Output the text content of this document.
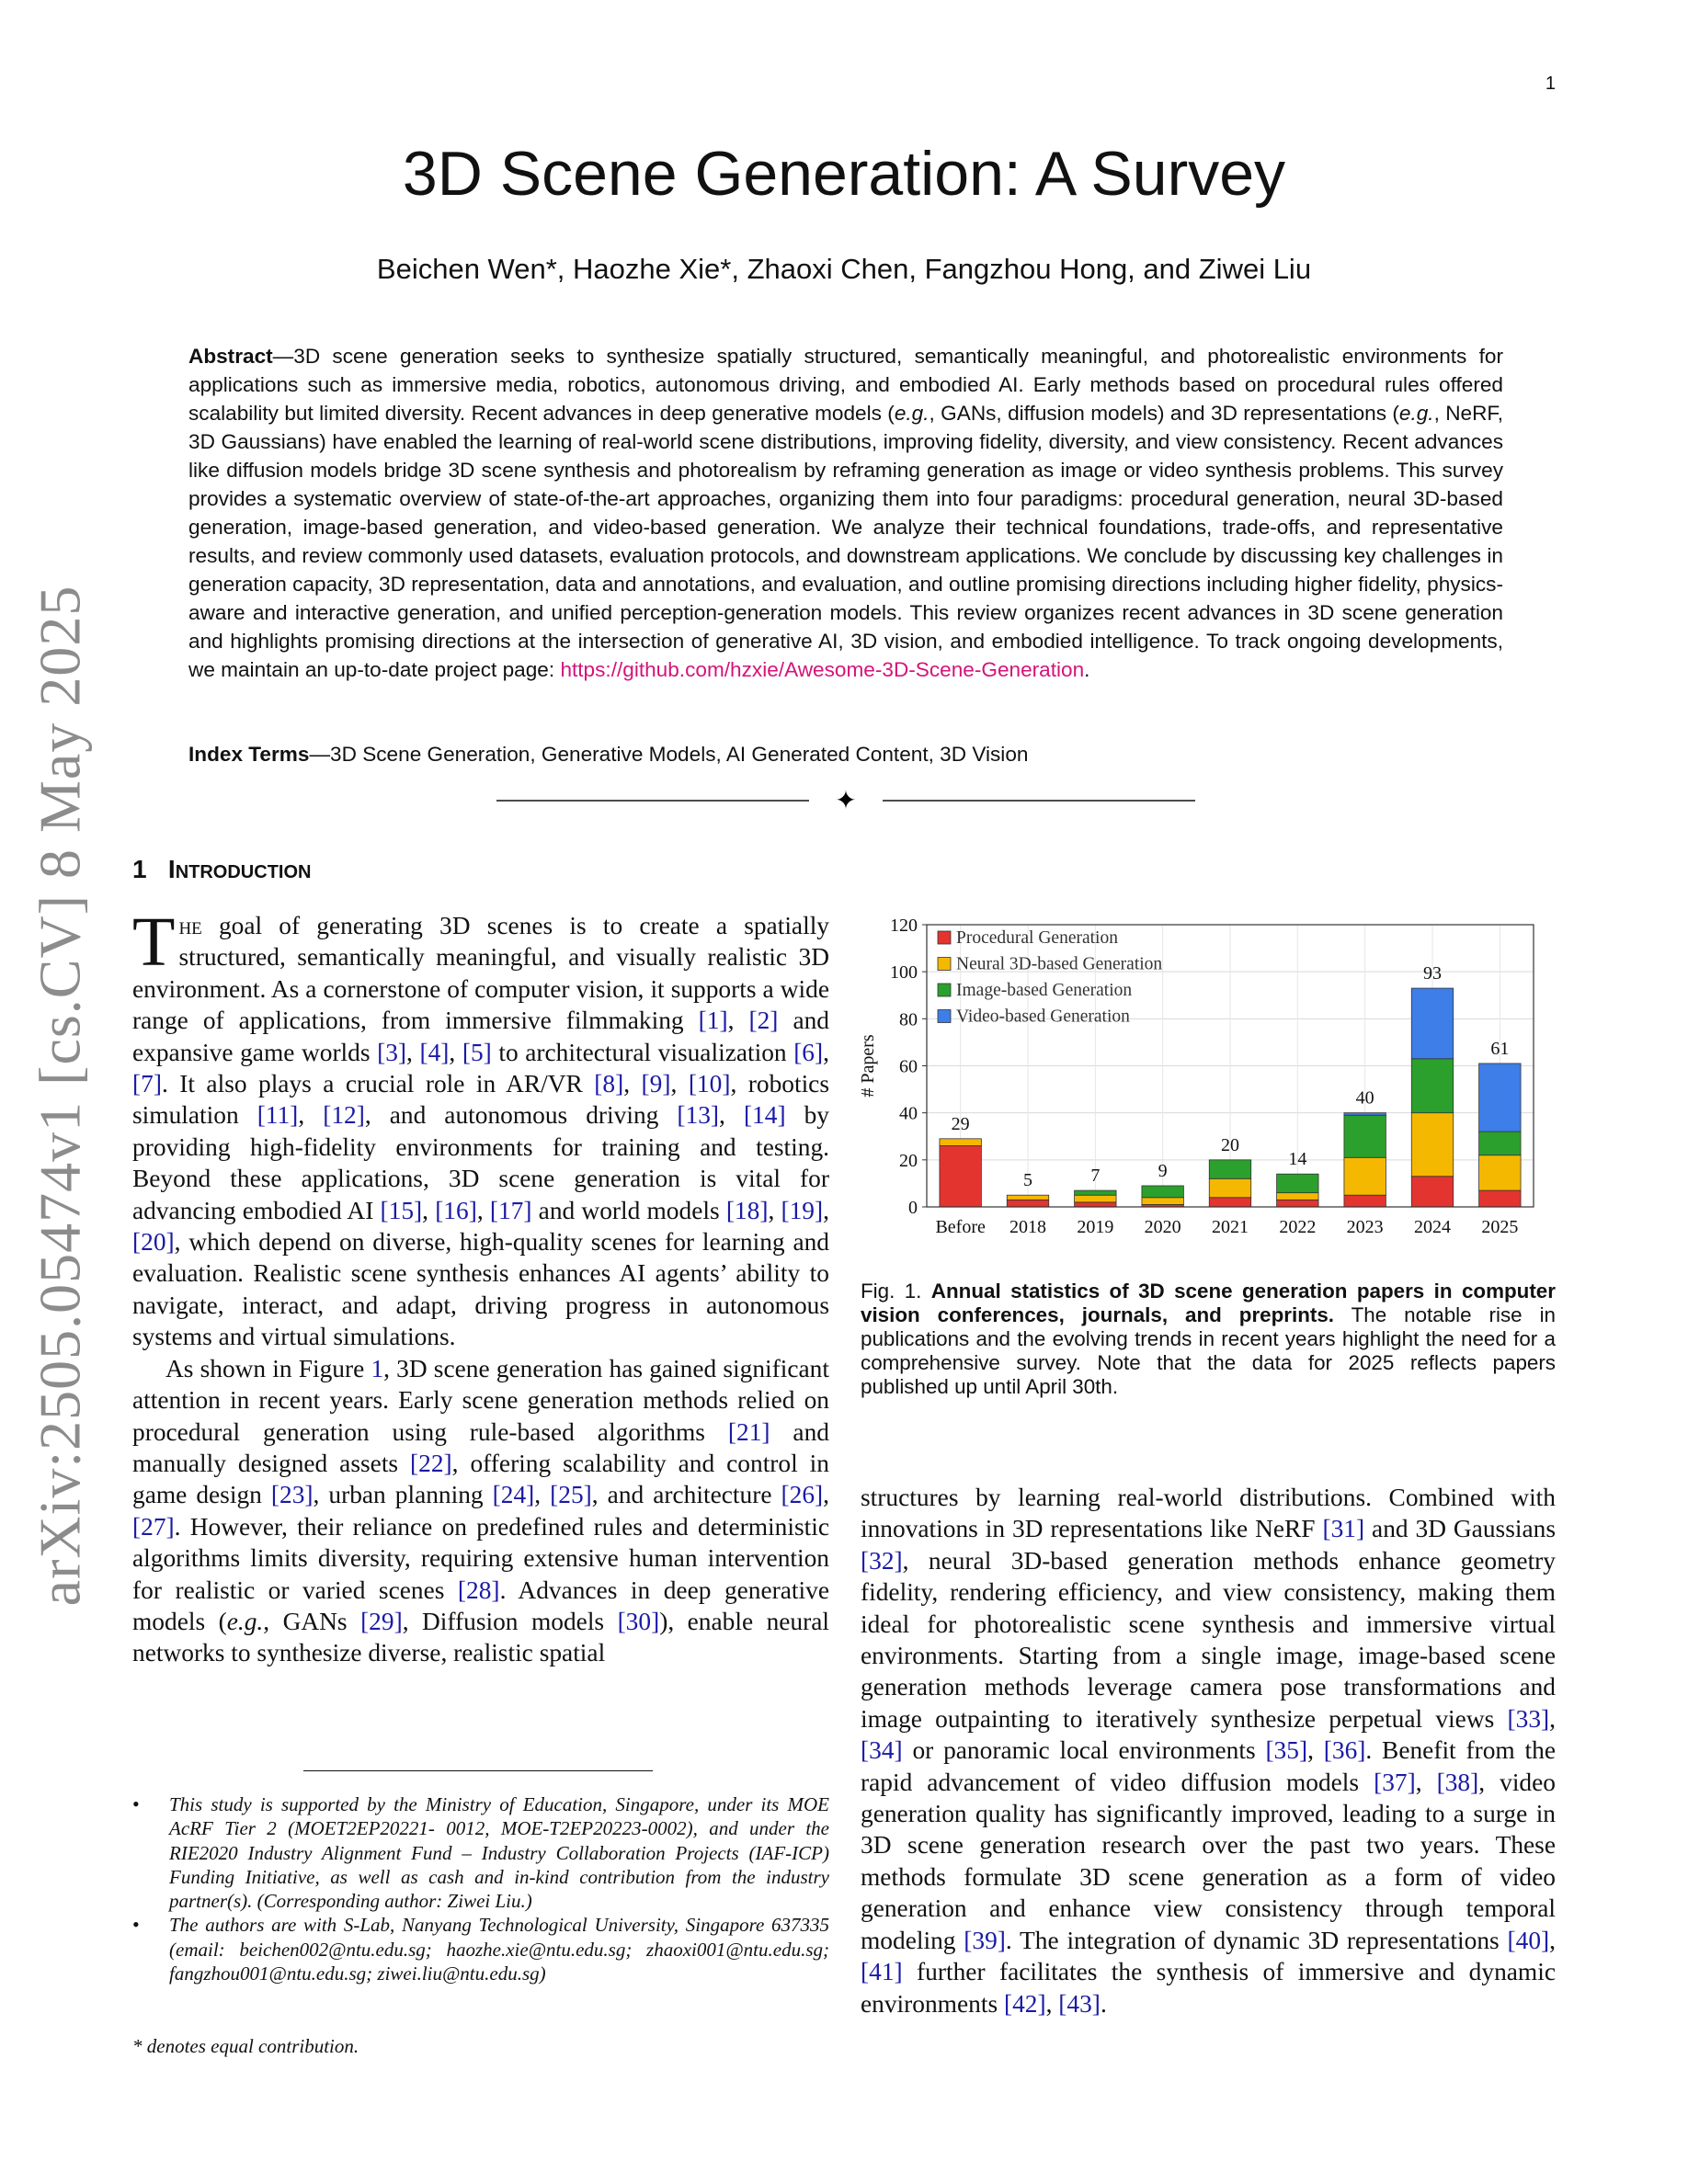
1
arXiv:2505.05474v1 [cs.CV] 8 May 2025
3D Scene Generation: A Survey
Beichen Wen*, Haozhe Xie*, Zhaoxi Chen, Fangzhou Hong, and Ziwei Liu

Abstract—3D scene generation seeks to synthesize spatially structured, semantically meaningful, and photorealistic environments for applications such as immersive media, robotics, autonomous driving, and embodied AI. Early methods based on procedural rules offered scalability but limited diversity. Recent advances in deep generative models (e.g., GANs, diffusion models) and 3D representations (e.g., NeRF, 3D Gaussians) have enabled the learning of real-world scene distributions, improving fidelity, diversity, and view consistency. Recent advances like diffusion models bridge 3D scene synthesis and photorealism by reframing generation as image or video synthesis problems. This survey provides a systematic overview of state-of-the-art approaches, organizing them into four paradigms: procedural generation, neural 3D-based generation, image-based generation, and video-based generation. We analyze their technical foundations, trade-offs, and representative results, and review commonly used datasets, evaluation protocols, and downstream applications. We conclude by discussing key challenges in generation capacity, 3D representation, data and annotations, and evaluation, and outline promising directions including higher fidelity, physics-aware and interactive generation, and unified perception-generation models. This review organizes recent advances in 3D scene generation and highlights promising directions at the intersection of generative AI, 3D vision, and embodied intelligence. To track ongoing developments, we maintain an up-to-date project page: https://github.com/hzxie/Awesome-3D-Scene-Generation.

Index Terms—3D Scene Generation, Generative Models, AI Generated Content, 3D Vision
✦
1 Introduction

The goal of generating 3D scenes is to create a spatially structured, semantically meaningful, and visually realistic 3D environment. As a cornerstone of computer vision, it supports a wide range of applications, from immersive filmmaking [1], [2] and expansive game worlds [3], [4], [5] to architectural visualization [6], [7]. It also plays a crucial role in AR/VR [8], [9], [10], robotics simulation [11], [12], and autonomous driving [13], [14] by providing high-fidelity environments for training and testing. Beyond these applications, 3D scene generation is vital for advancing embodied AI [15], [16], [17] and world models [18], [19], [20], which depend on diverse, high-quality scenes for learning and evaluation. Realistic scene synthesis enhances AI agents’ ability to navigate, interact, and adapt, driving progress in autonomous systems and virtual simulations.

As shown in Figure 1, 3D scene generation has gained significant attention in recent years. Early scene generation methods relied on procedural generation using rule-based algorithms [21] and manually designed assets [22], offering scalability and control in game design [23], urban planning [24], [25], and architecture [26], [27]. However, their reliance on predefined rules and deterministic algorithms limits diversity, requiring extensive human intervention for realistic or varied scenes [28]. Advances in deep generative models (e.g., GANs [29], Diffusion models [30]), enable neural networks to synthesize diverse, realistic spatial

29
Before
5
2018
7
2019
9
2020
20
2021
14
2022
40
2023
93
2024
61
2025
0
20
40
60
80
100
120
# Papers
Procedural Generation
Neural 3D-based Generation
Image-based Generation
Video-based Generation

Fig. 1. Annual statistics of 3D scene generation papers in computer vision conferences, journals, and preprints. The notable rise in publications and the evolving trends in recent years highlight the need for a comprehensive survey. Note that the data for 2025 reflects papers published up until April 30th.

structures by learning real-world distributions. Combined with innovations in 3D representations like NeRF [31] and 3D Gaussians [32], neural 3D-based generation methods enhance geometry fidelity, rendering efficiency, and view consistency, making them ideal for photorealistic scene synthesis and immersive virtual environments. Starting from a single image, image-based scene generation methods leverage camera pose transformations and image outpainting to iteratively synthesize perpetual views [33], [34] or panoramic local environments [35], [36]. Benefit from the rapid advancement of video diffusion models [37], [38], video generation quality has significantly improved, leading to a surge in 3D scene generation research over the past two years. These methods formulate 3D scene generation as a form of video generation and enhance view consistency through temporal modeling [39]. The integration of dynamic 3D representations [40], [41] further facilitates the synthesis of immersive and dynamic environments [42], [43].

• This study is supported by the Ministry of Education, Singapore, under its MOE AcRF Tier 2 (MOET2EP20221- 0012, MOE-T2EP20223-0002), and under the RIE2020 Industry Alignment Fund – Industry Collaboration Projects (IAF-ICP) Funding Initiative, as well as cash and in-kind contribution from the industry partner(s). (Corresponding author: Ziwei Liu.)
• The authors are with S-Lab, Nanyang Technological University, Singapore 637335 (email: beichen002@ntu.edu.sg; haozhe.xie@ntu.edu.sg; zhaoxi001@ntu.edu.sg; fangzhou001@ntu.edu.sg; ziwei.liu@ntu.edu.sg)
* denotes equal contribution.
